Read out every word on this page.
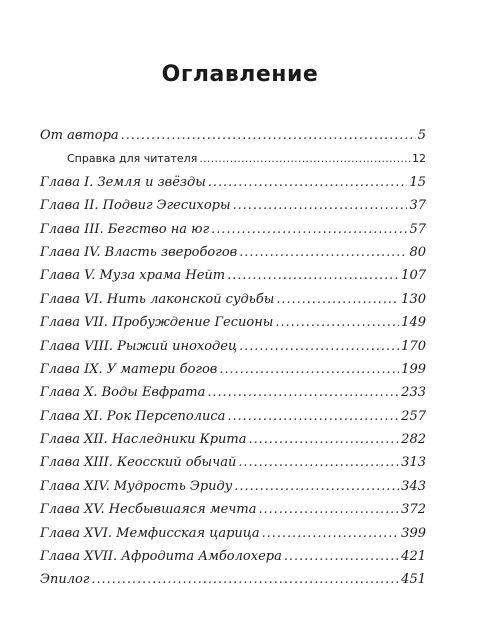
Оглавление
От автора . . .	5
Справка для читателя . . .	12
Глава I. Земля и звёзды . . .	15
Глава II. Подвиг Эгесихоры . . .	37
Глава III. Бегство на юг . . .	57
Глава IV. Власть зверобогов . . .	80
Глава V. Муза храма Нейт . . .	107
Глава VI. Нить лаконской судьбы . . .	130
Глава VII. Пробуждение Гесионы . . .	149
Глава VIII. Рыжий иноходец . . .	170
Глава IX. У матери богов . . .	199
Глава X. Воды Евфрата . . .	233
Глава XI. Рок Персеполиса . . .	257
Глава XII. Наследники Крита . . .	282
Глава XIII. Кеосский обычай . . .	313
Глава XIV. Мудрость Эриду . . .	343
Глава XV. Несбывшаяся мечта . . .	372
Глава XVI. Мемфисская царица . . .	399
Глава XVII. Афродита Амболохера . . .	421
Эпилог . . .	451
